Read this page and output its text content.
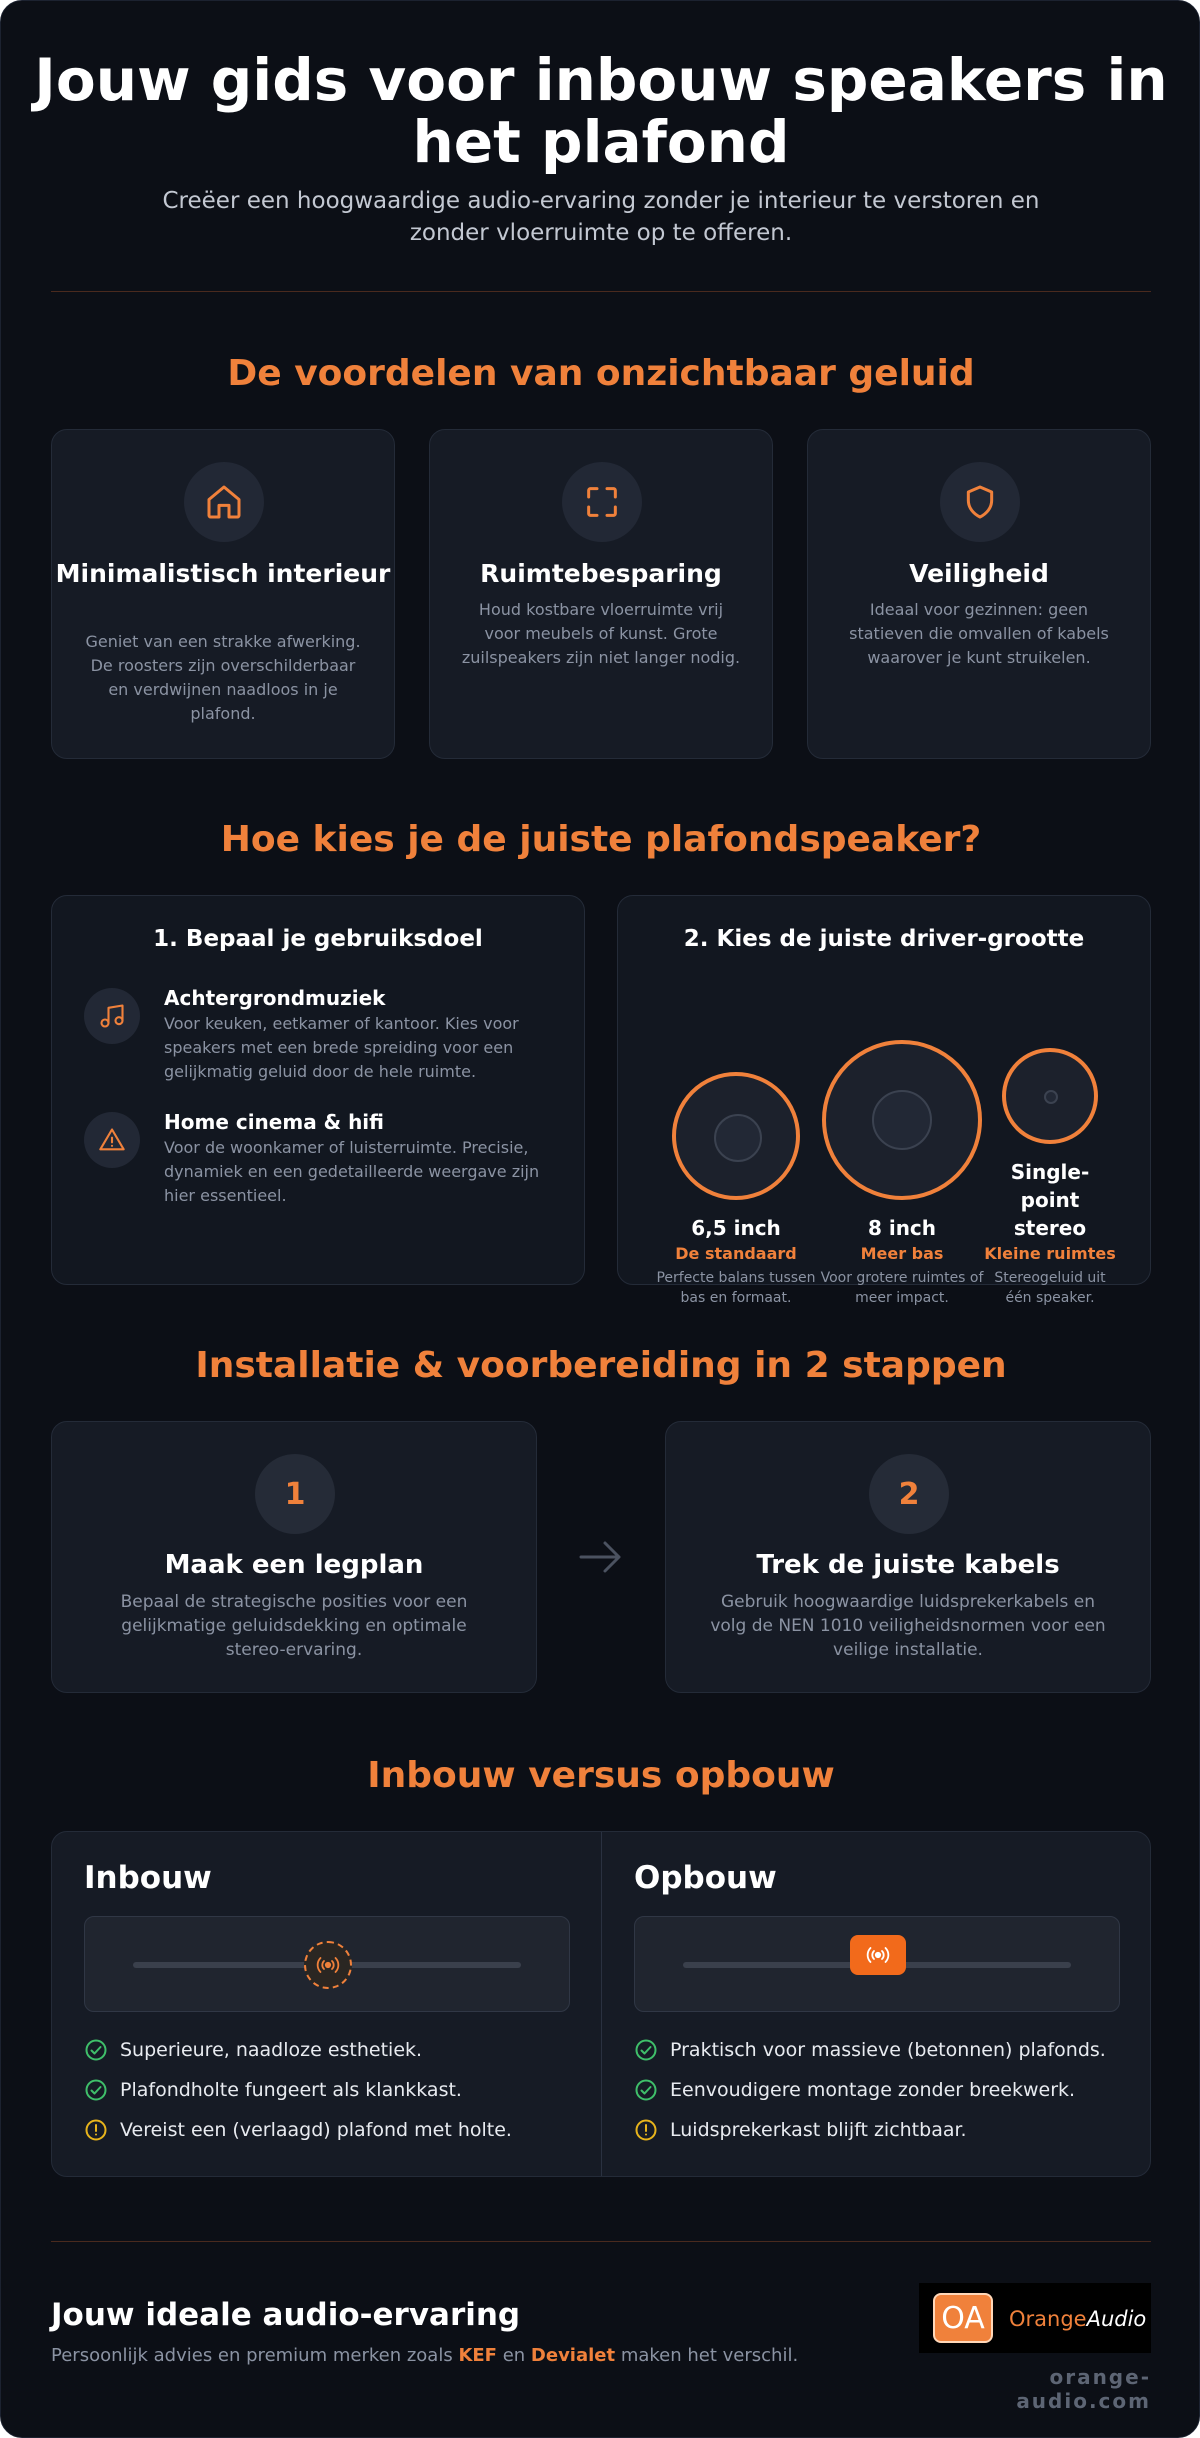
Jouw gids voor inbouw speakers in het plafond

Creëer een hoogwaardige audio-ervaring zonder je interieur te verstoren en zonder vloerruimte op te offeren.

De voordelen van onzichtbaar geluid
Minimalistisch interieur
Geniet van een strakke afwerking. De roosters zijn overschilderbaar en verdwijnen naadloos in je plafond.
Ruimtebesparing
Houd kostbare vloerruimte vrij voor meubels of kunst. Grote zuilspeakers zijn niet langer nodig.
Veiligheid
Ideaal voor gezinnen: geen statieven die omvallen of kabels waarover je kunt struikelen.
Hoe kies je de juiste plafondspeaker?
1. Bepaal je gebruiksdoel
Achtergrondmuziek
Voor keuken, eetkamer of kantoor. Kies voor speakers met een brede spreiding voor een gelijkmatig geluid door de hele ruimte.
Home cinema & hifi
Voor de woonkamer of luisterruimte. Precisie, dynamiek en een gedetailleerde weergave zijn hier essentieel.
2. Kies de juiste driver-grootte
6,5 inch
De standaard
Perfecte balans tussen bas en formaat.
8 inch
Meer bas
Voor grotere ruimtes of meer impact.
Single-point stereo
Kleine ruimtes
Stereogeluid uit één speaker.
Installatie & voorbereiding in 2 stappen
1
Maak een legplan
Bepaal de strategische posities voor een gelijkmatige geluidsdekking en optimale stereo-ervaring.
2
Trek de juiste kabels
Gebruik hoogwaardige luidsprekerkabels en volg de NEN 1010 veiligheidsnormen voor een veilige installatie.
Inbouw versus opbouw
Inbouw
Superieure, naadloze esthetiek.
Plafondholte fungeert als klankkast.
Vereist een (verlaagd) plafond met holte.
Opbouw
Praktisch voor massieve (betonnen) plafonds.
Eenvoudigere montage zonder breekwerk.
Luidsprekerkast blijft zichtbaar.
Jouw ideale audio-ervaring
Persoonlijk advies en premium merken zoals KEF en Devialet maken het verschil.
OA OrangeAudio
orange-audio.com
